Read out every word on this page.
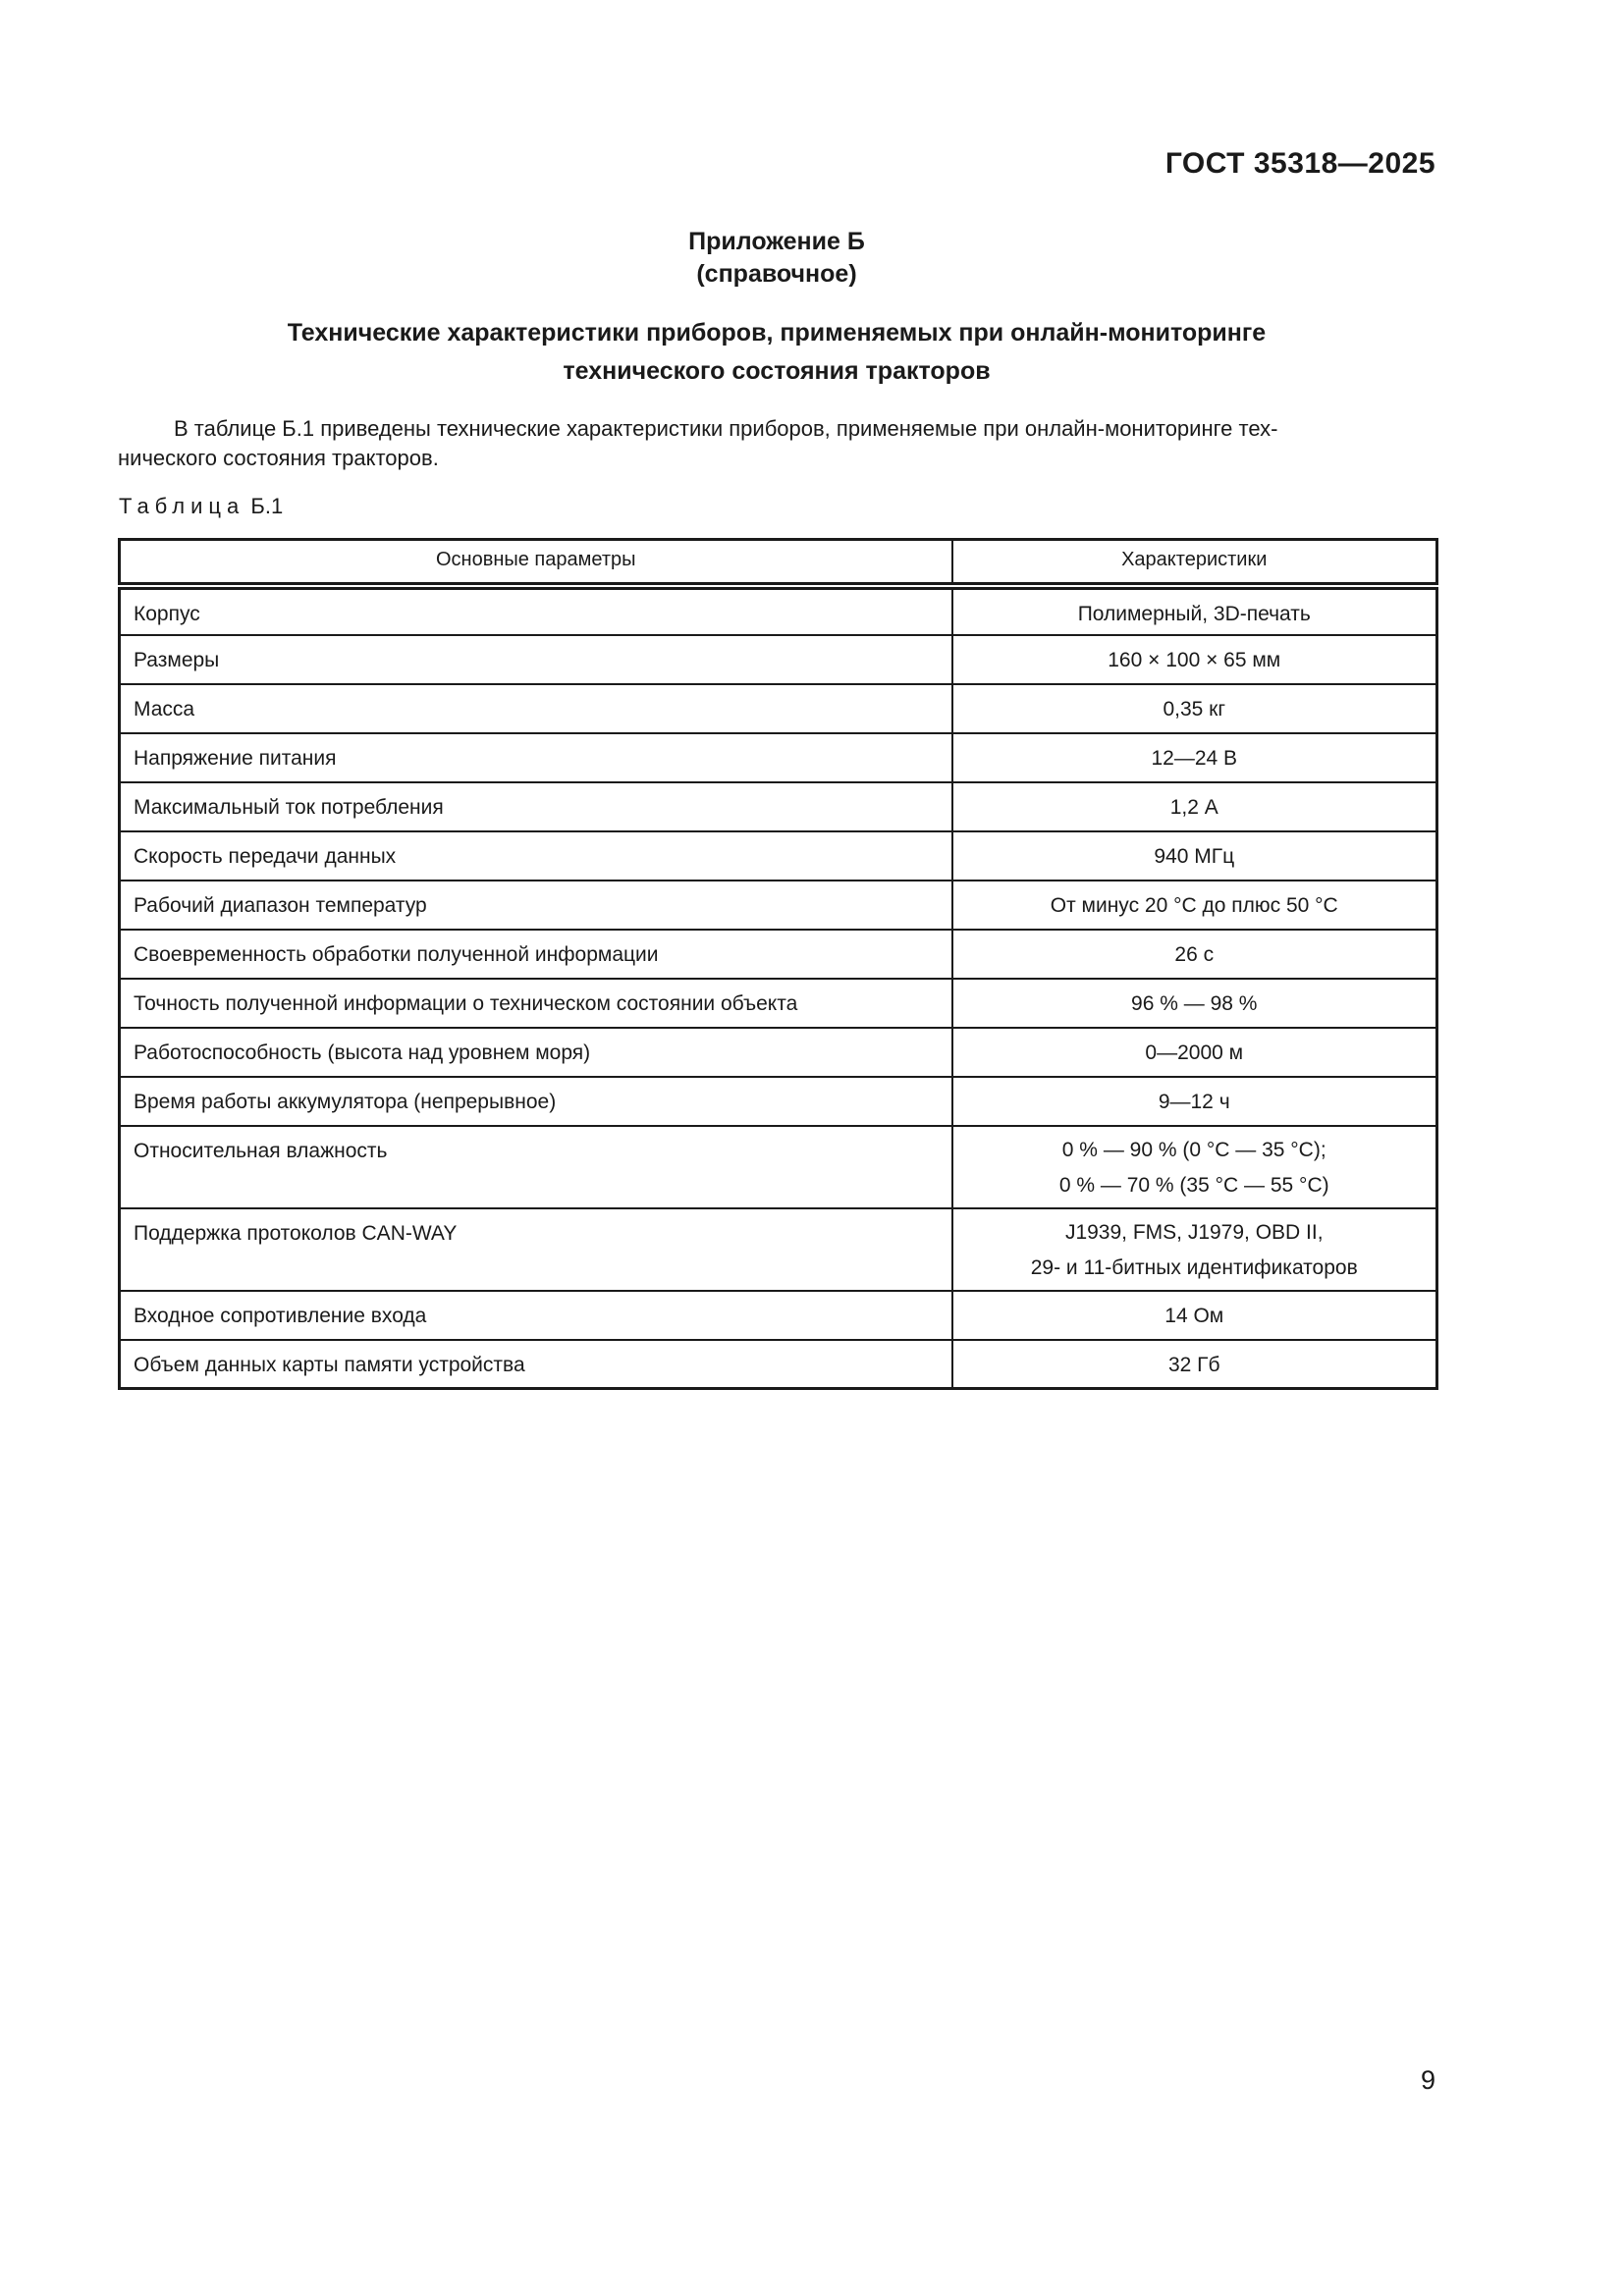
ГОСТ 35318—2025
Приложение Б
(справочное)
Технические характеристики приборов, применяемых при онлайн-мониторинге
технического состояния тракторов
В таблице Б.1 приведены технические характеристики приборов, применяемые при онлайн-мониторинге тех-
нического состояния тракторов.
Таблица Б.1
Основные параметры	Характеристики
Корпус	Полимерный, 3D-печать

Размеры	160 × 100 × 65 мм

Масса	0,35 кг

Напряжение питания	12—24 В

Максимальный ток потребления	1,2 А

Скорость передачи данных	940 МГц

Рабочий диапазон температур	От минус 20 °С до плюс 50 °С

Своевременность обработки полученной информации	26 с

Точность полученной информации о техническом состоянии объекта	96 % — 98 %

Работоспособность (высота над уровнем моря)	0—2000 м

Время работы аккумулятора (непрерывное)	9—12 ч

Относительная влажность	0 % — 90 % (0 °С — 35 °С);
0 % — 70 % (35 °С — 55 °С)

Поддержка протоколов CAN-WAY	J1939, FMS, J1979, OBD II,
29- и 11-битных идентификаторов

Входное сопротивление входа	14 Ом

Объем данных карты памяти устройства	32 Гб
9
